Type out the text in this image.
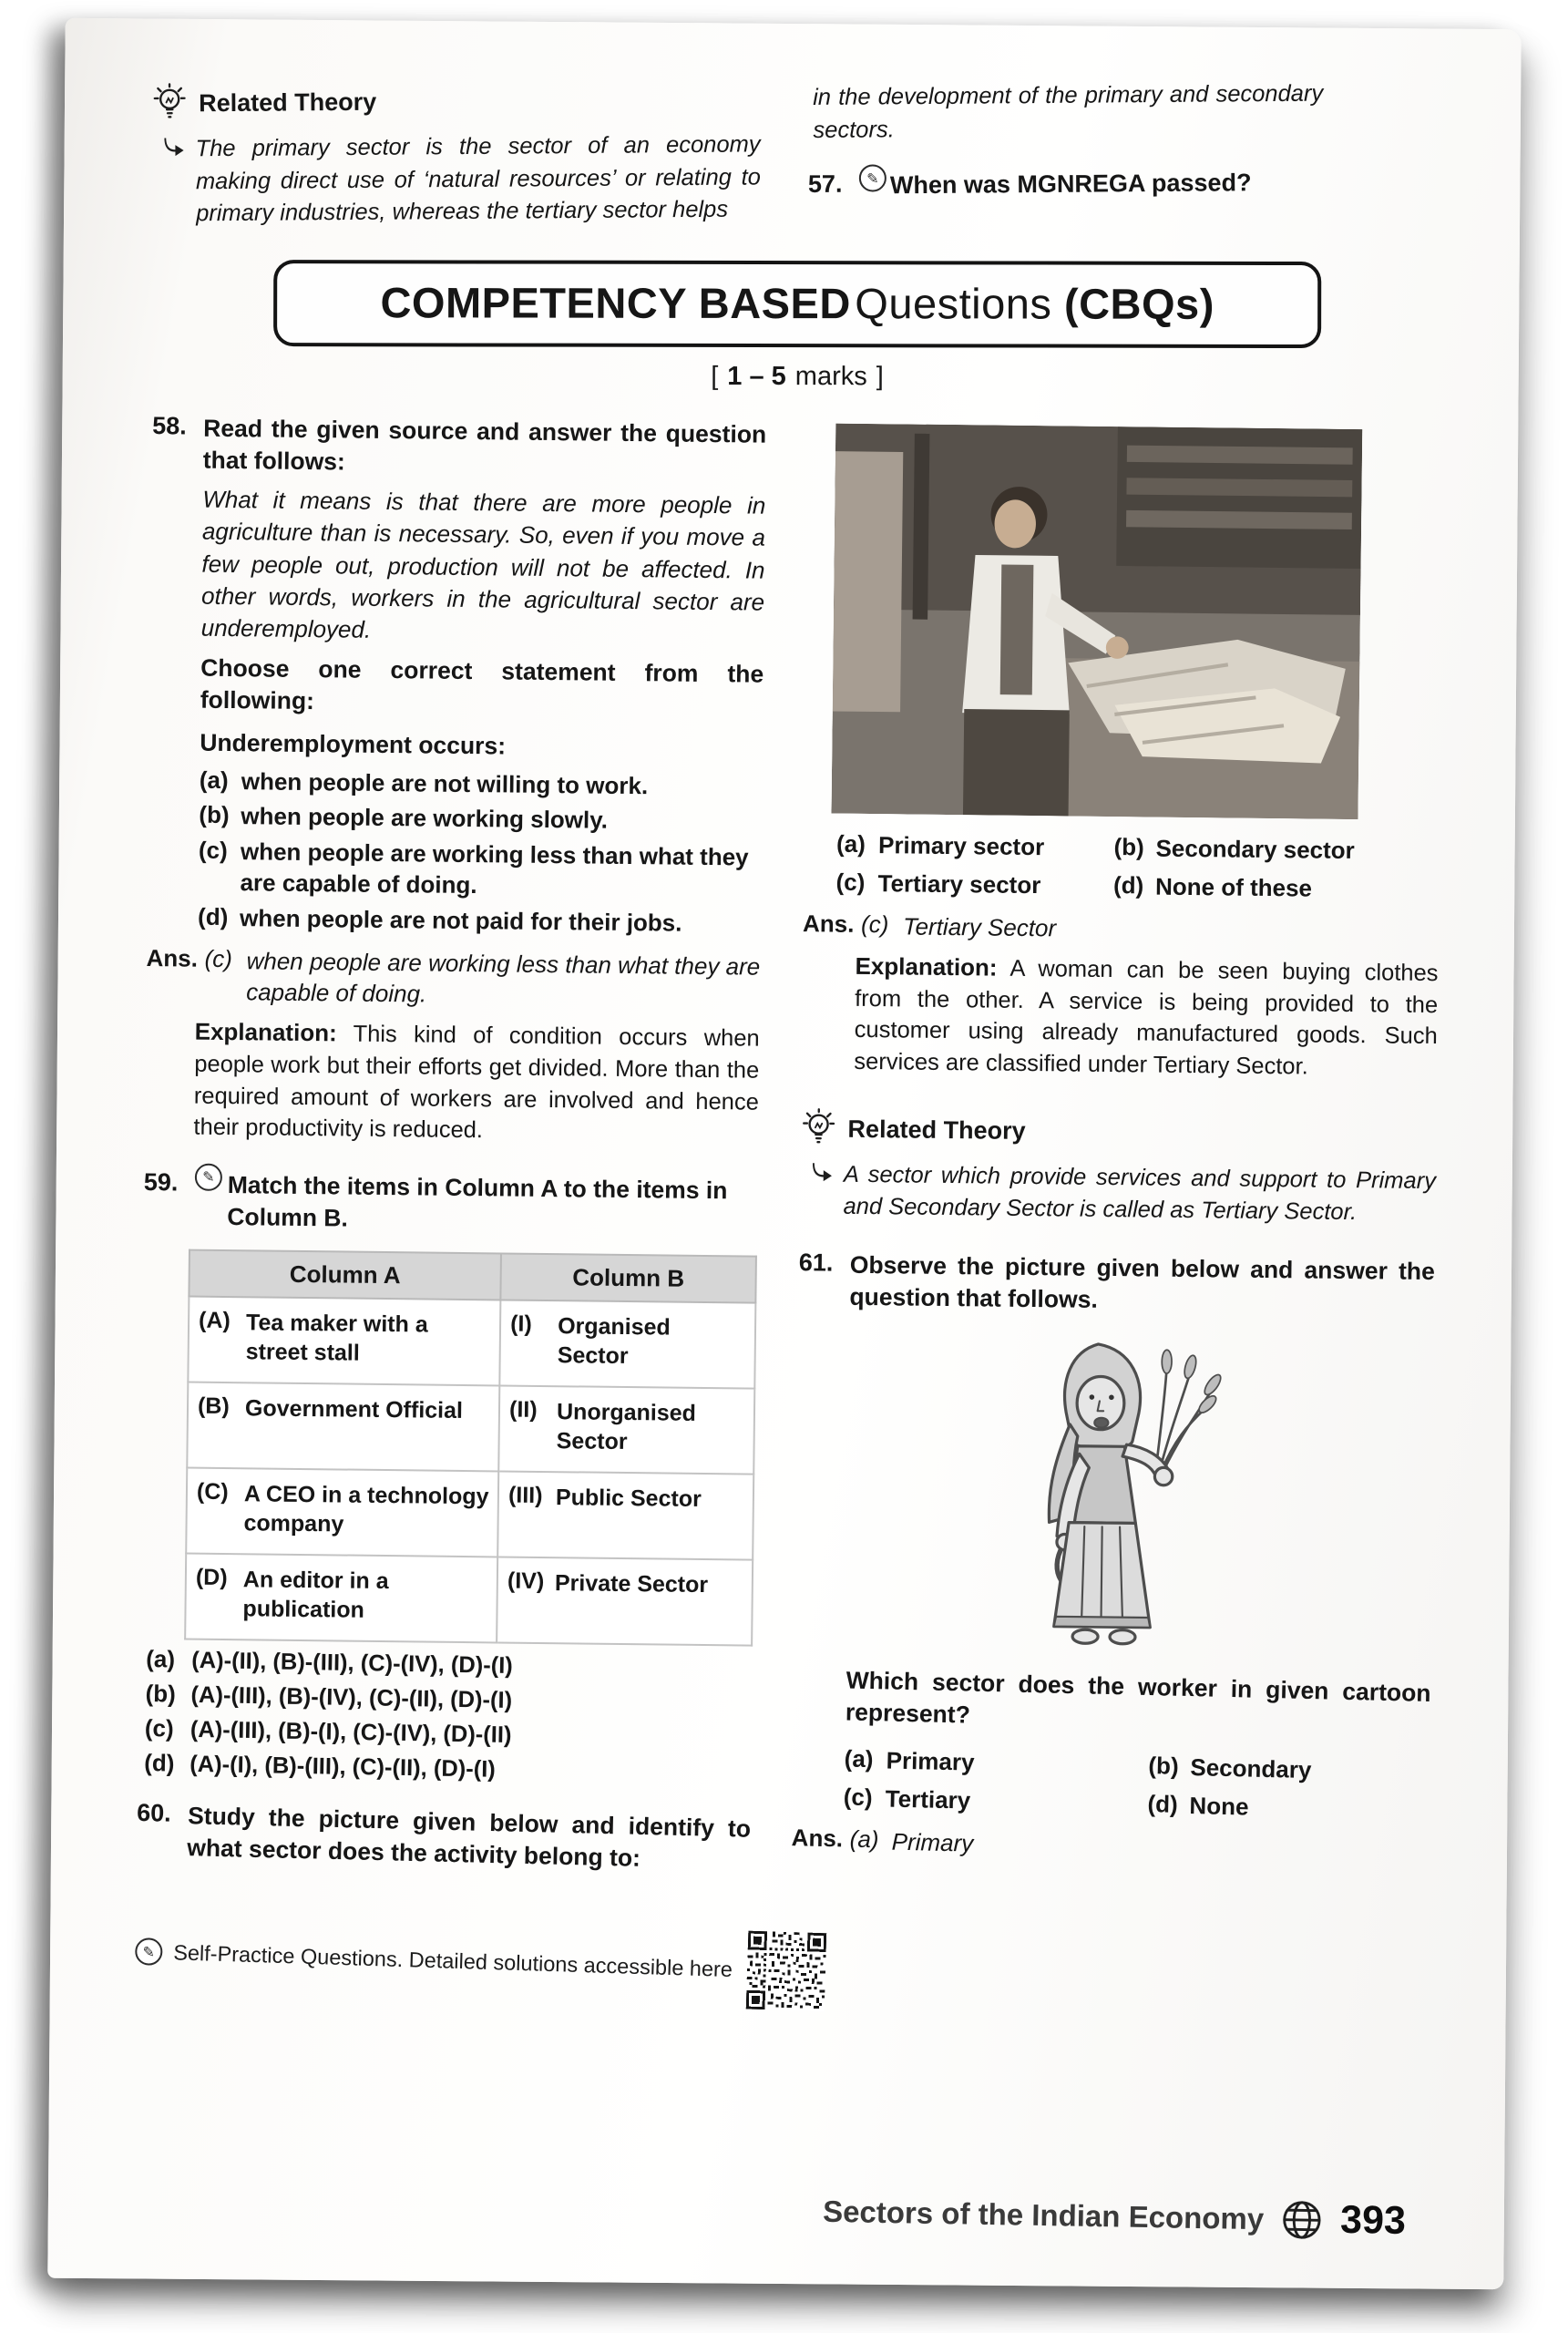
Related Theory

The primary sector is the sector of an economy making direct use of ‘natural resources’ or relating to primary industries, whereas the tertiary sector helps

in the development of the primary and secondary sectors.

57.	✎ When was MGNREGA passed?
COMPETENCY BASED Questions (CBQs)
[ 1 – 5 marks ]
58. Read the given source and answer the question that follows:

What it means is that there are more people in agriculture than is necessary. So, even if you move a few people out, production will not be affected. In other words, workers in the agricultural sector are underemployed.

Choose one correct statement from the following:

Underemployment occurs:

(a) when people are not willing to work.
(b) when people are working slowly.
(c) when people are working less than what they are capable of doing.
(d) when people are not paid for their jobs.
Ans. (c) when people are working less than what they are capable of doing.

Explanation: This kind of condition occurs when people work but their efforts get divided. More than the required amount of workers are involved and hence their productivity is reduced.

59.	✎ Match the items in Column A to the items in Column B.

Column A	Column B

(A) Tea maker with a street stall	(I) Organised Sector

(B) Government Official	(II) Unorganised Sector

(C) A CEO in a technology company	(III) Public Sector

(D) An editor in a publication	(IV) Private Sector
(a) (A)-(II), (B)-(III), (C)-(IV), (D)-(I)
(b) (A)-(III), (B)-(IV), (C)-(II), (D)-(I)
(c) (A)-(III), (B)-(I), (C)-(IV), (D)-(II)
(d) (A)-(I), (B)-(III), (C)-(II), (D)-(I)
60. Study the picture given below and identify to what sector does the activity belong to:

✎ Self-Practice Questions. Detailed solutions accessible here
(a) Primary sector	(b) Secondary sector
(c) Tertiary sector	(d) None of these
Ans. (c) Tertiary Sector

Explanation: A woman can be seen buying clothes from the other. A service is being provided to the customer using already manufactured goods. Such services are classified under Tertiary Sector.

Related Theory

A sector which provide services and support to Primary and Secondary Sector is called as Tertiary Sector.

61. Observe the picture given below and answer the question that follows.

Which sector does the worker in given cartoon represent?

(a) Primary	(b) Secondary
(c) Tertiary	(d) None
Ans. (a) Primary
Sectors of the Indian Economy 393
